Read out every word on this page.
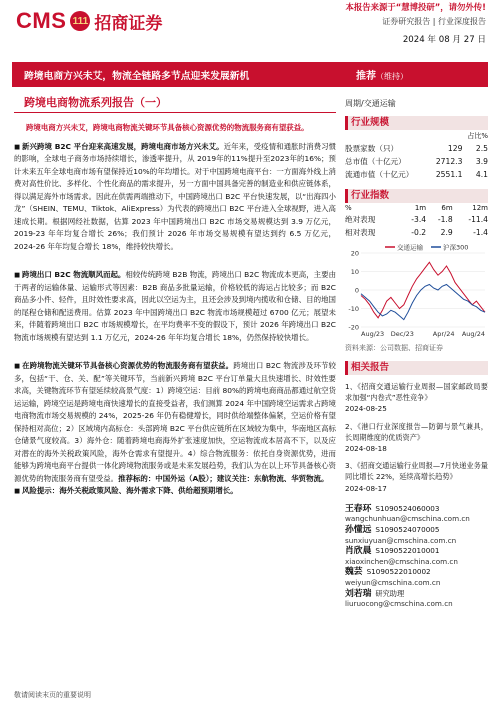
CMS 111 招商证券
本报告来源于“慧博投研”，请勿外传!
证券研究报告 | 行业深度报告
2024 年 08 月 27 日
跨境电商方兴未艾，物流全链路多节点迎来发展新机	推荐（维持）
跨境电商物流系列报告（一）	周期/交通运输
跨境电商方兴未艾，跨境电商物流关键环节具备核心资源优势的物流服务商有望获益。
◼ 新兴跨境 B2C 平台迎来高速发展，跨境电商市场方兴未艾。近年来，受疫情和通胀时消费习惯的影响，全球电子商务市场持续增长，渗透率提升，从 2019年的11%提升至2023年的16%；预计未来五年全球电商市场有望保持近10%的年均增长。对于中国跨境电商平台：一方面海外线上消费对高性价比、多样化、个性化商品的需求提升，另一方面中国具备完善的制造业和供应链体系，得以满足海外市场需求。因此在供需两端推动下，中国跨境出口 B2C 平台快速发展，以“出海四小龙”（SHEIN、TEMU、Tiktok、AliExpress）为代表的跨境出口 B2C 平台进入全球视野，进入高速成长期。根据网经社数据，估算 2023 年中国跨境出口 B2C 市场交易规模达到 3.9 万亿元，2019-23 年年均复合增长 26%；我们预计 2026 年市场交易规模有望达到约 6.5 万亿元，2024-26 年年均复合增长 18%，维持较快增长。
◼ 跨境出口 B2C 物流顺风而起。相较传统跨境 B2B 物流，跨境出口 B2C 物流成本更高，主要由于两者的运输体量、运输形式等因素：B2B 商品多批量运输，价格较低的海运占比较多；而 B2C 商品多小件、轻件，且时效性要求高，因此以空运为主，且还会涉及到境内揽收和仓储、目的地国的尾程仓储和配送费用。估算 2023 年中国跨境出口 B2C 物流市场规模超过 6700 亿元；展望未来，伴随着跨境出口 B2C 市场规模增长，在平均费率不变的假设下，预计 2026 年跨境出口 B2C 物流市场规模有望达到 1.1 万亿元，2024-26 年年均复合增长 18%，仍然保持较快增长。
◼ 在跨境物流关键环节具备核心资源优势的物流服务商有望获益。跨境出口 B2C 物流涉及环节较多，包括“干、仓、关、配”等关键环节，当前新兴跨境 B2C 平台订单量大且快速增长、时效性要求高，关键物流环节有望延续较高景气度：1）跨境空运：目前 80%的跨境电商商品都通过航空货运运输，跨境空运是跨境电商快速增长的直接受益者，我们测算 2024 年中国跨境空运需求占跨境电商物流市场交易规模的 24%，2025-26 年仍有稳健增长，同时供给端整体偏紧，空运价格有望保持相对高位；2）区域境内高标仓：头部跨境 B2C 平台供应链所在区域较为集中，华南地区高标仓储景气度较高。3）海外仓：随着跨境电商海外扩张速度加快，空运物流成本居高不下，以及应对潜在的海外关税政策风险，海外仓需求有望提升。4）综合物流服务：依托自身资源优势，进而能够为跨境电商平台提供一体化跨境物流服务或是未来发展趋势，我们认为在以上环节具备核心资源优势的物流服务商有望受益。推荐标的：中国外运（A股）；建议关注：东航物流、华贸物流。
◼ 风险提示：海外关税政策风险、海外需求下降、供给超预期增长。
行业规模
		占比%
股票家数（只）	129	2.5
总市值（十亿元）	2712.3	3.9
流通市值（十亿元）	2551.1	4.1
行业指数
%	1m	6m	12m
绝对表现	-3.4	-1.8	-11.4
相对表现	-0.2	2.9	-1.4
20
10
0
-10
-20
Aug/23 Dec/23	Apr/24 Aug/24
交通运输	沪深300
资料来源：公司数据、招商证券
相关报告
1、《招商交通运输行业周报—国家邮政局要求加强“内卷式”恶性竞争》
2024-08-25
2、《港口行业深度报告—防御与景气兼具，长周期维度的优质资产》
2024-08-18
3、《招商交通运输行业周报—7月快递业务量同比增长 22%，延续高增长趋势》
2024-08-17
王春环 S1090524060003
wangchunhuan@cmschina.com.cn
孙懂远 S1090524070005
sunxiuyuan@cmschina.com.cn
肖欣晨 S1090522010001
xiaoxinchen@cmschina.com.cn
魏芸 S1090522010002
weiyun@cmschina.com.cn
刘若瑞 研究助理
liuruocong@cmschina.com.cn
敬请阅读末页的重要说明
